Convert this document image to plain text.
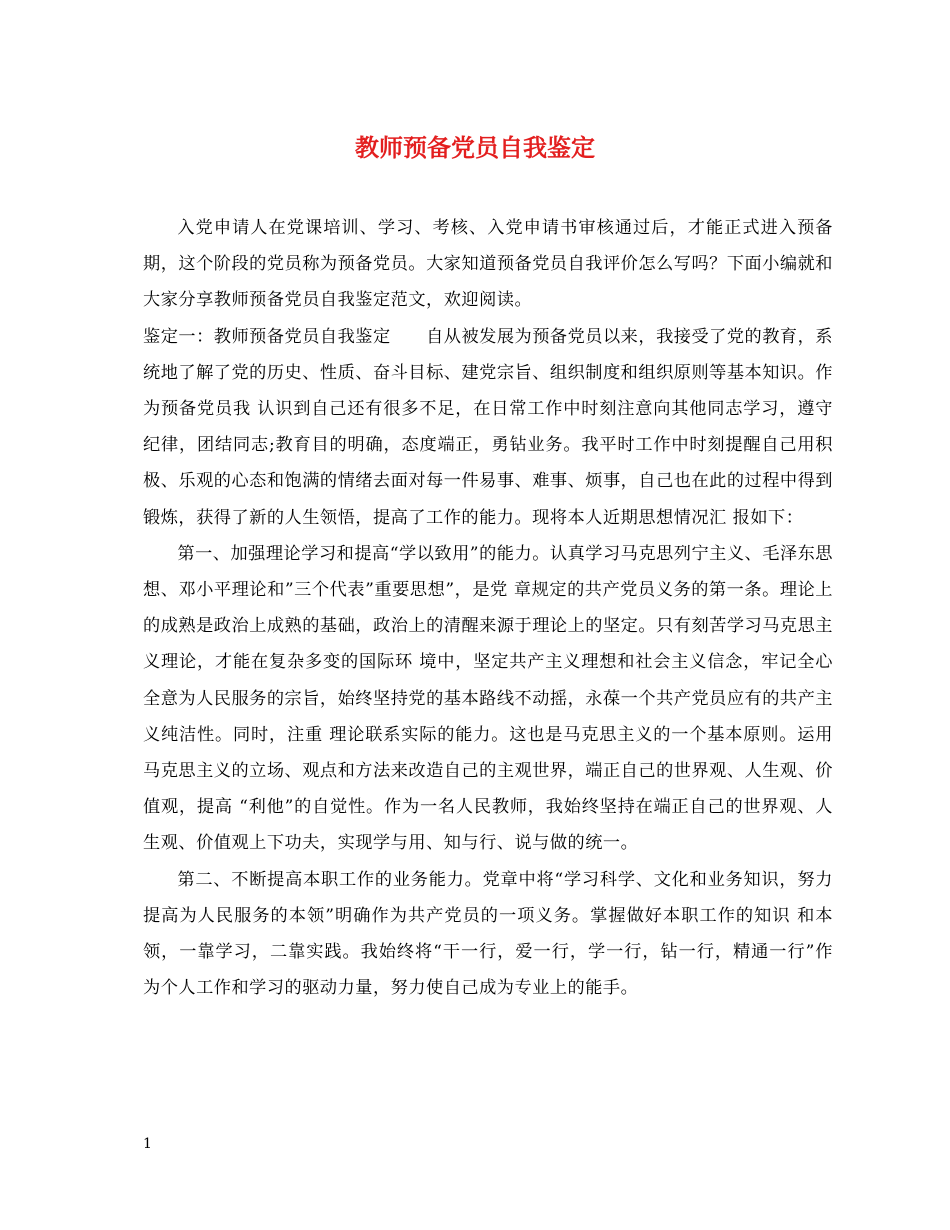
教师预备党员自我鉴定

入党申请人在党课培训、学习、考核、入党申请书审核通过后，才能正式进入预备期，这个阶段的党员称为预备党员。大家知道预备党员自我评价怎么写吗？下面小编就和大家分享教师预备党员自我鉴定范文，欢迎阅读。

鉴定一：教师预备党员自我鉴定　　自从被发展为预备党员以来，我接受了党的教育，系统地了解了党的历史、性质、奋斗目标、建党宗旨、组织制度和组织原则等基本知识。作为预备党员我 认识到自己还有很多不足，在日常工作中时刻注意向其他同志学习，遵守纪律，团结同志;教育目的明确，态度端正，勇钻业务。我平时工作中时刻提醒自己用积 极、乐观的心态和饱满的情绪去面对每一件易事、难事、烦事，自己也在此的过程中得到锻炼，获得了新的人生领悟，提高了工作的能力。现将本人近期思想情况汇 报如下：

第一、加强理论学习和提高“学以致用”的能力。认真学习马克思列宁主义、毛泽东思想、邓小平理论和”三个代表”重要思想”，是党 章规定的共产党员义务的第一条。理论上的成熟是政治上成熟的基础，政治上的清醒来源于理论上的坚定。只有刻苦学习马克思主义理论，才能在复杂多变的国际环 境中，坚定共产主义理想和社会主义信念，牢记全心全意为人民服务的宗旨，始终坚持党的基本路线不动摇，永葆一个共产党员应有的共产主义纯洁性。同时，注重 理论联系实际的能力。这也是马克思主义的一个基本原则。运用马克思主义的立场、观点和方法来改造自己的主观世界，端正自己的世界观、人生观、价值观，提高 “利他”的自觉性。作为一名人民教师，我始终坚持在端正自己的世界观、人生观、价值观上下功夫，实现学与用、知与行、说与做的统一。

第二、不断提高本职工作的业务能力。党章中将“学习科学、文化和业务知识，努力提高为人民服务的本领”明确作为共产党员的一项义务。掌握做好本职工作的知识 和本领，一靠学习，二靠实践。我始终将“干一行，爱一行，学一行，钻一行，精通一行”作为个人工作和学习的驱动力量，努力使自己成为专业上的能手。

1
